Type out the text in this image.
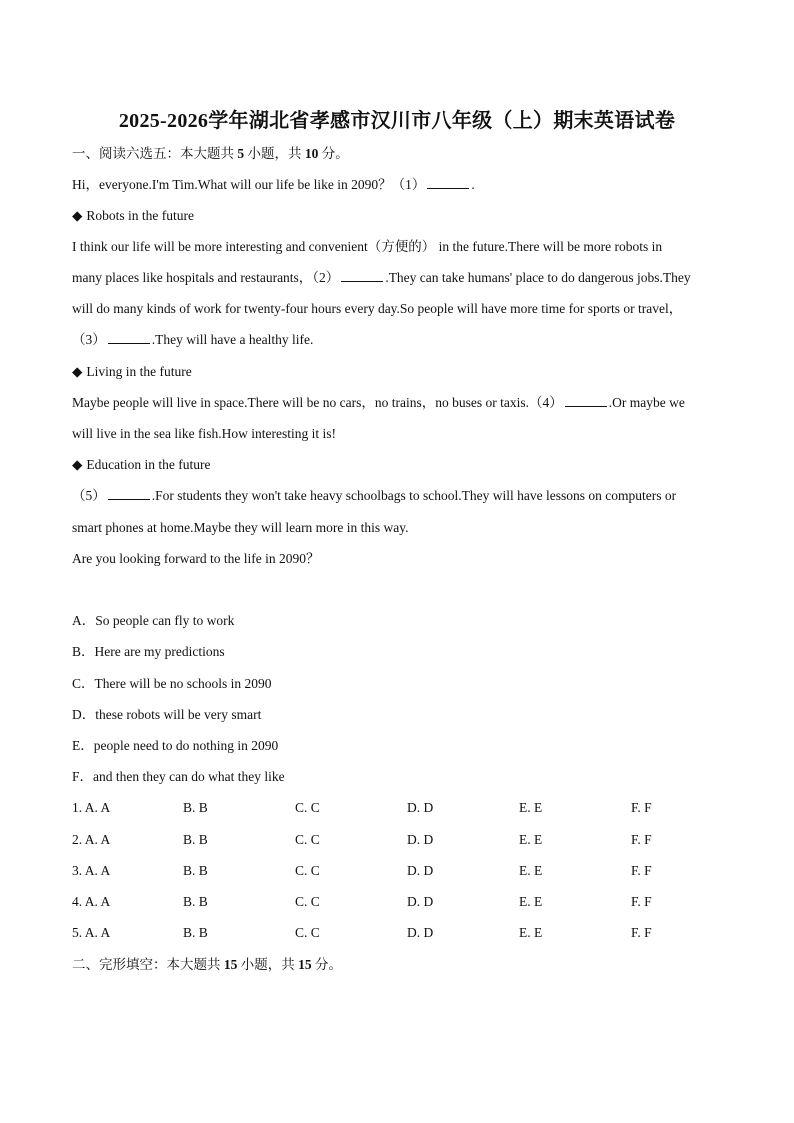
2025-2026学年湖北省孝感市汉川市八年级（上）期末英语试卷
一、阅读六选五：本大题共 5 小题，共 10 分。
Hi，everyone.I'm Tim.What will our life be like in 2090？（1）	.
◆ Robots in the future
I think our life will be more interesting and convenient（方便的） in the future.There will be more robots in
many places like hospitals and restaurants，（2）	.They can take humans' place to do dangerous jobs.They
will do many kinds of work for twenty-four hours every day.So people will have more time for sports or travel，
（3）	.They will have a healthy life.
◆ Living in the future
Maybe people will live in space.There will be no cars，no trains，no buses or taxis.（4）	.Or maybe we
will live in the sea like fish.How interesting it is!
◆ Education in the future
（5）	.For students they won't take heavy schoolbags to school.They will have lessons on computers or
smart phones at home.Maybe they will learn more in this way.
Are you looking forward to the life in 2090？
A．So people can fly to work
B．Here are my predictions
C．There will be no schools in 2090
D．these robots will be very smart
E．people need to do nothing in 2090
F．and then they can do what they like
1. A. A	B. B	C. C	D. D	E. E	F. F
2. A. A	B. B	C. C	D. D	E. E	F. F
3. A. A	B. B	C. C	D. D	E. E	F. F
4. A. A	B. B	C. C	D. D	E. E	F. F
5. A. A	B. B	C. C	D. D	E. E	F. F
二、完形填空：本大题共 15 小题，共 15 分。
